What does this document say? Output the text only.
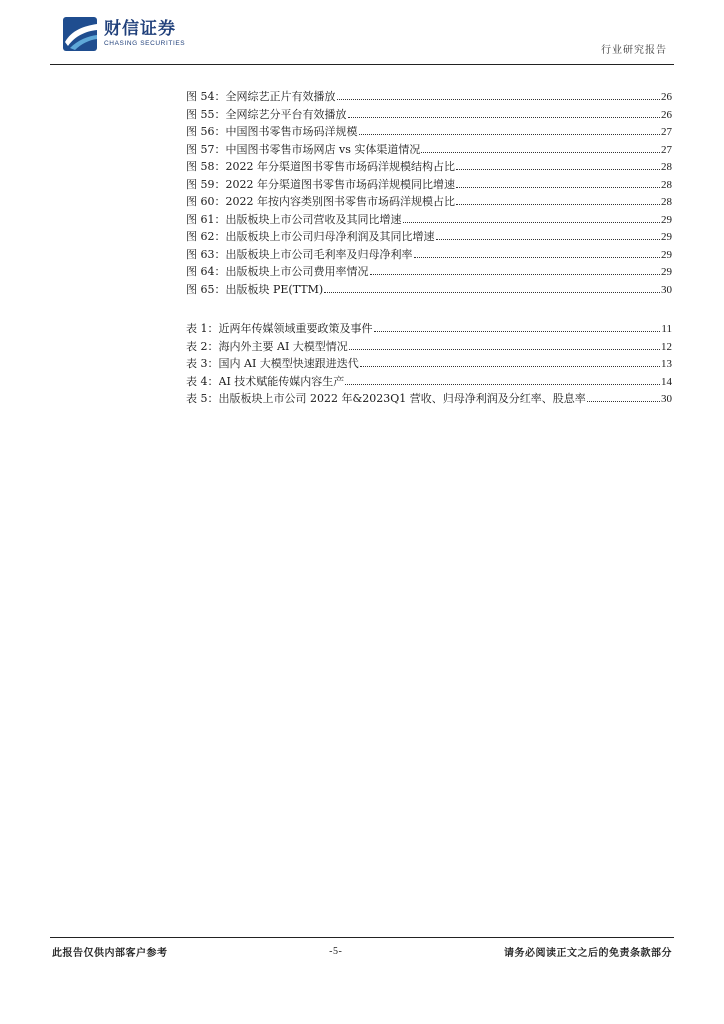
财信证券
CHASING SECURITIES
行业研究报告
图 54： 全网综艺正片有效播放	26
图 55： 全网综艺分平台有效播放	26
图 56： 中国图书零售市场码洋规模	27
图 57： 中国图书零售市场网店 vs 实体渠道情况	27
图 58： 2022 年分渠道图书零售市场码洋规模结构占比	28
图 59： 2022 年分渠道图书零售市场码洋规模同比增速	28
图 60： 2022 年按内容类别图书零售市场码洋规模占比	28
图 61： 出版板块上市公司营收及其同比增速	29
图 62： 出版板块上市公司归母净利润及其同比增速	29
图 63： 出版板块上市公司毛利率及归母净利率	29
图 64： 出版板块上市公司费用率情况	29
图 65： 出版板块 PE(TTM)	30
表 1： 近两年传媒领域重要政策及事件	11
表 2： 海内外主要 AI 大模型情况	12
表 3： 国内 AI 大模型快速跟进迭代	13
表 4： AI 技术赋能传媒内容生产	14
表 5： 出版板块上市公司 2022 年&2023Q1 营收、归母净利润及分红率、股息率	30
此报告仅供内部客户参考	-5-	请务必阅读正文之后的免责条款部分
